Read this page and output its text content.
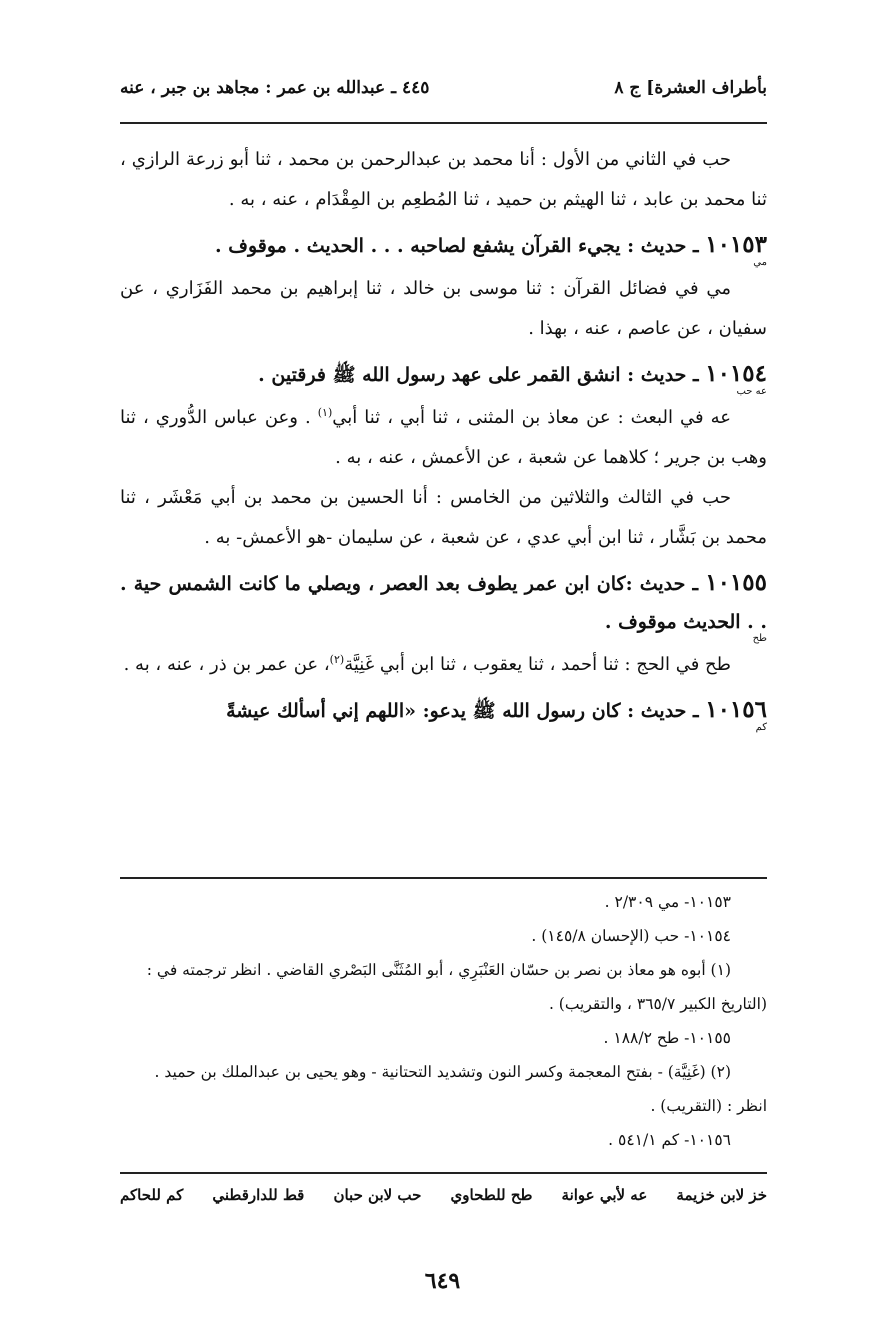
بأطراف العشرة] ج ٨
٤٤٥ ـ عبدالله بن عمر : مجاهد بن جبر ، عنه

حب في الثاني من الأول : أنا محمد بن عبدالرحمن بن محمد ، ثنا أبو زرعة الرازي ، ثنا محمد بن عابد ، ثنا الهيثم بن حميد ، ثنا المُطعِم بن المِقْدَام ، عنه ، به .

١٠١٥٣ ـ حديث : يجيء القرآن يشفع لصاحبه . . . الحديث . موقوف .
مي

مي في فضائل القرآن : ثنا موسى بن خالد ، ثنا إبراهيم بن محمد الفَزَاري ، عن سفيان ، عن عاصم ، عنه ، بهذا .

١٠١٥٤ ـ حديث : انشق القمر على عهد رسول الله ﷺ فرقتين .
عه حب

عه في البعث : عن معاذ بن المثنى ، ثنا أبي ، ثنا أبي$^{(١)}$ . وعن عباس الدُّوري ، ثنا وهب بن جرير ؛ كلاهما عن شعبة ، عن الأعمش ، عنه ، به .

حب في الثالث والثلاثين من الخامس : أنا الحسين بن محمد بن أبي مَعْشَر ، ثنا محمد بن بَشَّار ، ثنا ابن أبي عدي ، عن شعبة ، عن سليمان -هو الأعمش- به .

١٠١٥٥ ـ حديث :كان ابن عمر يطوف بعد العصر ، ويصلي ما كانت الشمس حية . . . الحديث موقوف .
طح

طح في الحج : ثنا أحمد ، ثنا يعقوب ، ثنا ابن أبي غَنِيَّة$^{(٢)}$، عن عمر بن ذر ، عنه ، به .

١٠١٥٦ ـ حديث : كان رسول الله ﷺ يدعو: «اللهم إني أسألك عيشةً
كم

١٠١٥٣- مي ٢/٣٠٩ .

١٠١٥٤- حب (الإحسان ١٤٥/٨) .

(١) أبوه هو معاذ بن نصر بن حسّان العَنْبَرِي ، أبو المُثَنَّى البَصْري القاضي . انظر ترجمته في : (التاريخ الكبير ٣٦٥/٧ ، والتقريب) .

١٠١٥٥- طح ١٨٨/٢ .

(٢) (غَنِيَّة) - بفتح المعجمة وكسر النون وتشديد التحتانية - وهو يحيى بن عبدالملك بن حميد . انظر : (التقريب) .

١٠١٥٦- كم ٥٤١/١ .

خز لابن خزيمة
عه لأبي عوانة
طح للطحاوي
حب لابن حبان
قط للدارقطني
كم للحاكم
٦٤٩
